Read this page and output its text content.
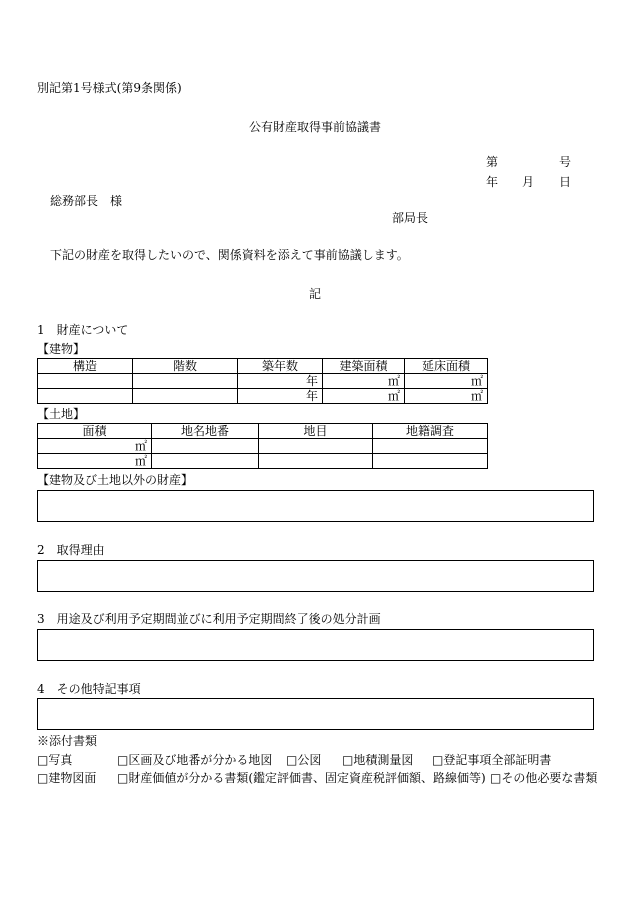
別記第1号様式(第9条関係)
公有財産取得事前協議書
第	号
年 月 日
総務部長　様
部局長
下記の財産を取得したいので、関係資料を添えて事前協議します。
記
1　財産について
【建物】
構造	階数	築年数	建築面積	延床面積
		年	㎡	㎡
		年	㎡	㎡
【土地】
面積	地名地番	地目	地籍調査
㎡			
㎡			
【建物及び土地以外の財産】
2　取得理由
3　用途及び利用予定期間並びに利用予定期間終了後の処分計画
4　その他特記事項
※添付書類
□写真	□区画及び地番が分かる地図 □公図 □地積測量図 □登記事項全部証明書
□建物図面 □財産価値が分かる書類(鑑定評価書、固定資産税評価額、路線価等) □その他必要な書類
